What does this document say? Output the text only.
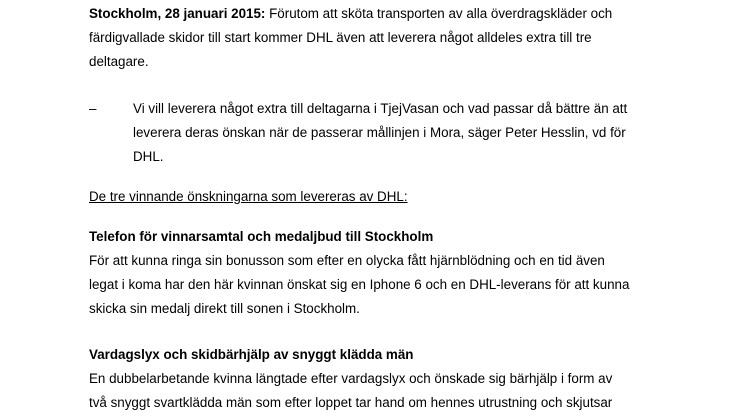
Stockholm, 28 januari 2015: Förutom att sköta transporten av alla överdragskläder och
färdigvallade skidor till start kommer DHL även att leverera något alldeles extra till tre
deltagare.

–	Vi vill leverera något extra till deltagarna i TjejVasan och vad passar då bättre än att
leverera deras önskan när de passerar mållinjen i Mora, säger Peter Hesslin, vd för
DHL.

De tre vinnande önskningarna som levereras av DHL:

Telefon för vinnarsamtal och medaljbud till Stockholm

För att kunna ringa sin bonusson som efter en olycka fått hjärnblödning och en tid även
legat i koma har den här kvinnan önskat sig en Iphone 6 och en DHL-leverans för att kunna
skicka sin medalj direkt till sonen i Stockholm.

Vardagslyx och skidbärhjälp av snyggt klädda män

En dubbelarbetande kvinna längtade efter vardagslyx och önskade sig bärhjälp i form av
två snyggt svartklädda män som efter loppet tar hand om hennes utrustning och skjutsar
